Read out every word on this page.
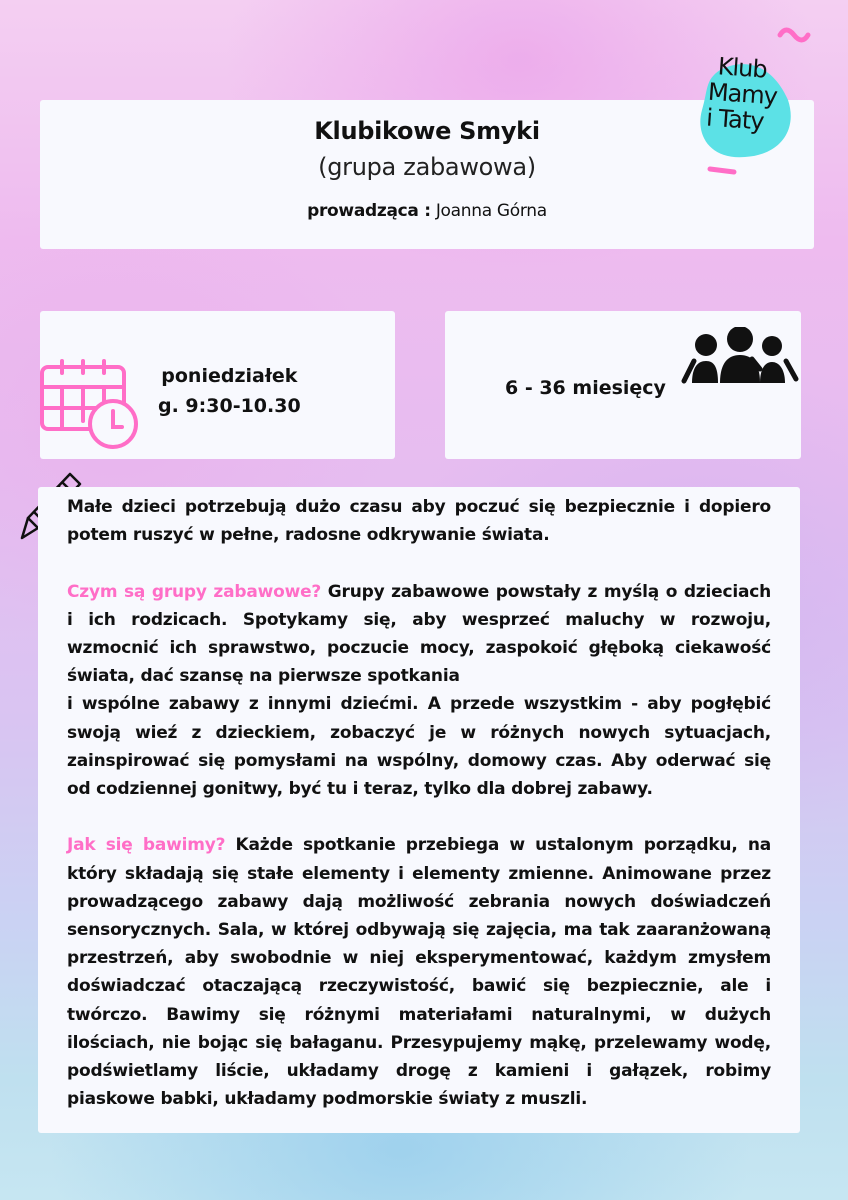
Klubikowe Smyki
(grupa zabawowa)
prowadząca : Joanna Górna
Klub
Mamy
i Taty
poniedziałek
g. 9:30-10.30
6 - 36 miesięcy

Małe dzieci potrzebują dużo czasu aby poczuć się bezpiecznie i dopiero potem ruszyć w pełne, radosne odkrywanie świata.

Czym są grupy zabawowe? Grupy zabawowe powstały z myślą o dzieciach i ich rodzicach. Spotykamy się, aby wesprzeć maluchy w rozwoju, wzmocnić ich sprawstwo, poczucie mocy, zaspokoić głęboką ciekawość świata, dać szansę na pierwsze spotkania

i wspólne zabawy z innymi dziećmi. A przede wszystkim - aby pogłębić swoją wieź z dzieckiem, zobaczyć je w różnych nowych sytuacjach, zainspirować się pomysłami na wspólny, domowy czas. Aby oderwać się od codziennej gonitwy, być tu i teraz, tylko dla dobrej zabawy.

Jak się bawimy? Każde spotkanie przebiega w ustalonym porządku, na który składają się stałe elementy i elementy zmienne. Animowane przez prowadzącego zabawy dają możliwość zebrania nowych doświadczeń sensorycznych. Sala, w której odbywają się zajęcia, ma tak zaaranżowaną przestrzeń, aby swobodnie w niej eksperymentować, każdym zmysłem doświadczać otaczającą rzeczywistość, bawić się bezpiecznie, ale i twórczo. Bawimy się różnymi materiałami naturalnymi, w dużych ilościach, nie bojąc się bałaganu. Przesypujemy mąkę, przelewamy wodę, podświetlamy liście, układamy drogę z kamieni i gałązek, robimy piaskowe babki, układamy podmorskie światy z muszli.
